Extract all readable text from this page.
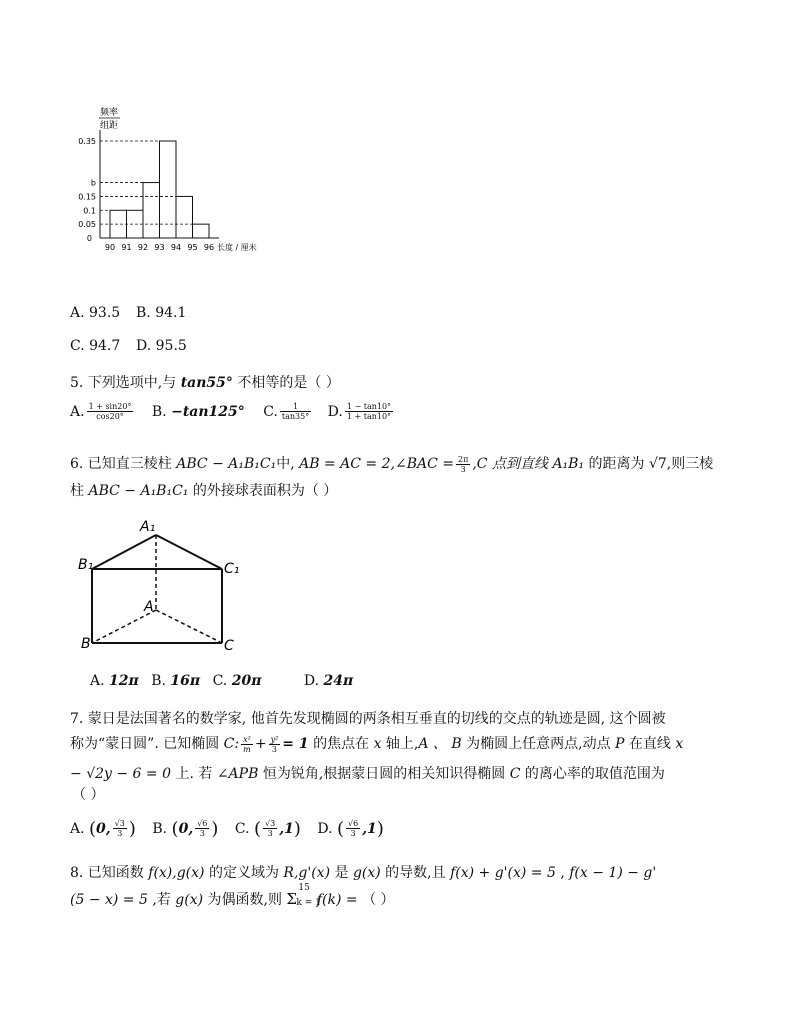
频率
组距
0.35
b
0.15
0.1
0.05
0
90 91 92 93 94 95 96 长度 / 厘米
A. 93.5 B. 94.1
C. 94.7 D. 95.5
5. 下列选项中,与 tan55° 不相等的是（ ）
A. $\frac{1 + \sin 20^\circ}{\cos 20^\circ} B$. −tan125° C. $\frac{1}{\tan 35^\circ} D$. $\frac{1 - \tan 10^\circ}{1 + \tan 10^\circ}$
6. 已知直三棱柱 ABC − A₁B₁C₁中, AB = AC = 2,∠BAC = $\frac{2\pi}{3} ,C$ 点到直线 A₁B₁ 的距离为 √7,则三棱
柱 ABC − A₁B₁C₁ 的外接球表面积为（ ）
A₁
B₁	C₁
A
B	C
A. 12π B. 16π C. 20π	D. 24π
7. 蒙日是法国著名的数学家, 他首先发现椭圆的两条相互垂直的切线的交点的轨迹是圆, 这个圆被
称为“蒙日圆”. 已知椭圆 C: $\frac{\text{x²}}{m} + \frac{\text{y²}}{3} = 1$ 的焦点在 x 轴上,A 、 B 为椭圆上任意两点,动点 P 在直线 x
− √2y − 6 = 0 上. 若 ∠APB 恒为锐角,根据蒙日圆的相关知识得椭圆 C 的离心率的取值范围为
（ ）
A. (0, $\frac{√3}{3}$ ) B. (0, $\frac{√6}{3}$ ) C. ( $\frac{√3}{3} ,1$) D. ( $\frac{√6}{3} ,1$)
8. 已知函数 f(x),g(x) 的定义域为 R,g'(x) 是 g(x) 的导数,且 f(x) + g'(x) = 5 , f(x − 1) − g'
(5 − x) = 5 ,若 g(x) 为偶函数,则 Σ
15
k = 1
f(k) = （ ）
